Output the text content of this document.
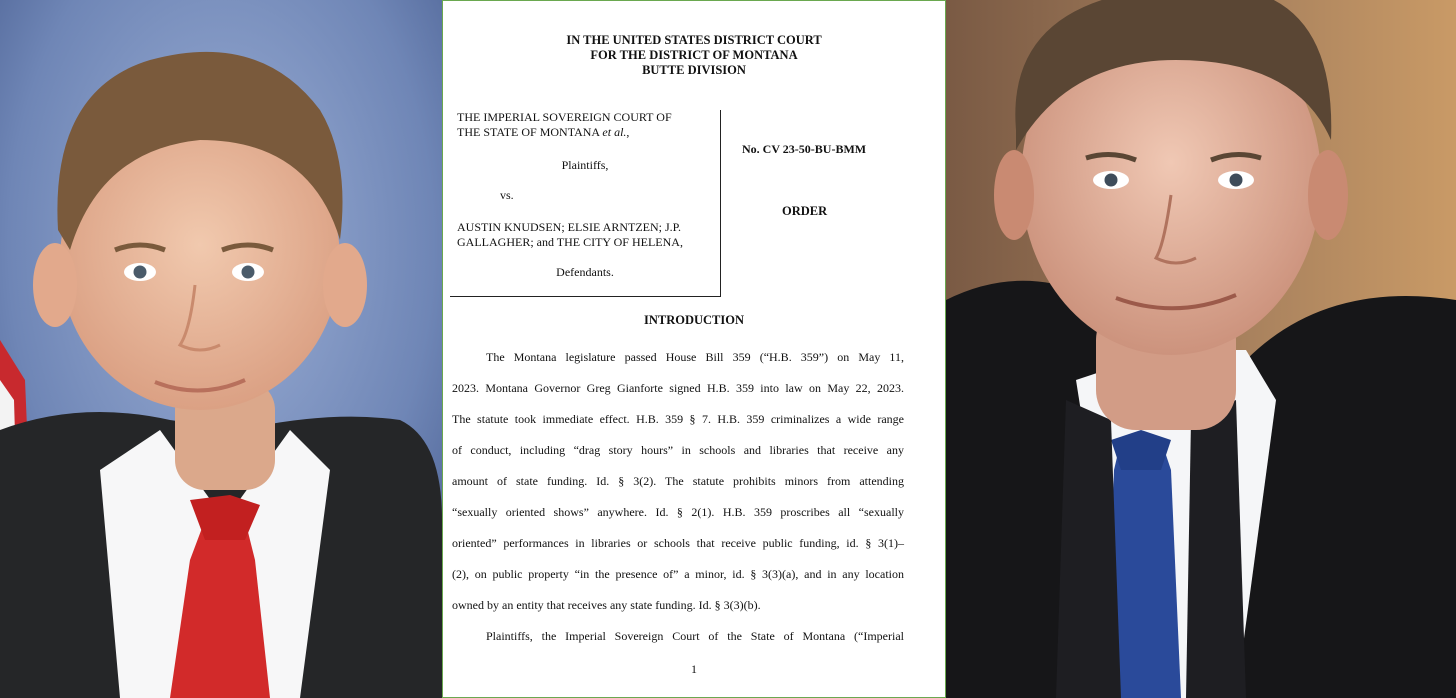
IN THE UNITED STATES DISTRICT COURT
FOR THE DISTRICT OF MONTANA
BUTTE DIVISION
THE IMPERIAL SOVEREIGN COURT OF
THE STATE OF MONTANA et al.,
Plaintiffs,
vs.
AUSTIN KNUDSEN; ELSIE ARNTZEN; J.P.
GALLAGHER; and THE CITY OF HELENA,
Defendants.
No. CV 23-50-BU-BMM
ORDER
INTRODUCTION
The Montana legislature passed House Bill 359 (“H.B. 359”) on May 11,
2023. Montana Governor Greg Gianforte signed H.B. 359 into law on May 22, 2023.
The statute took immediate effect. H.B. 359 § 7. H.B. 359 criminalizes a wide range
of conduct, including “drag story hours” in schools and libraries that receive any
amount of state funding. Id. § 3(2). The statute prohibits minors from attending
“sexually oriented shows” anywhere. Id. § 2(1). H.B. 359 proscribes all “sexually
oriented” performances in libraries or schools that receive public funding, id. § 3(1)–
(2), on public property “in the presence of” a minor, id. § 3(3)(a), and in any location
owned by an entity that receives any state funding. Id. § 3(3)(b).
Plaintiffs, the Imperial Sovereign Court of the State of Montana (“Imperial
1
